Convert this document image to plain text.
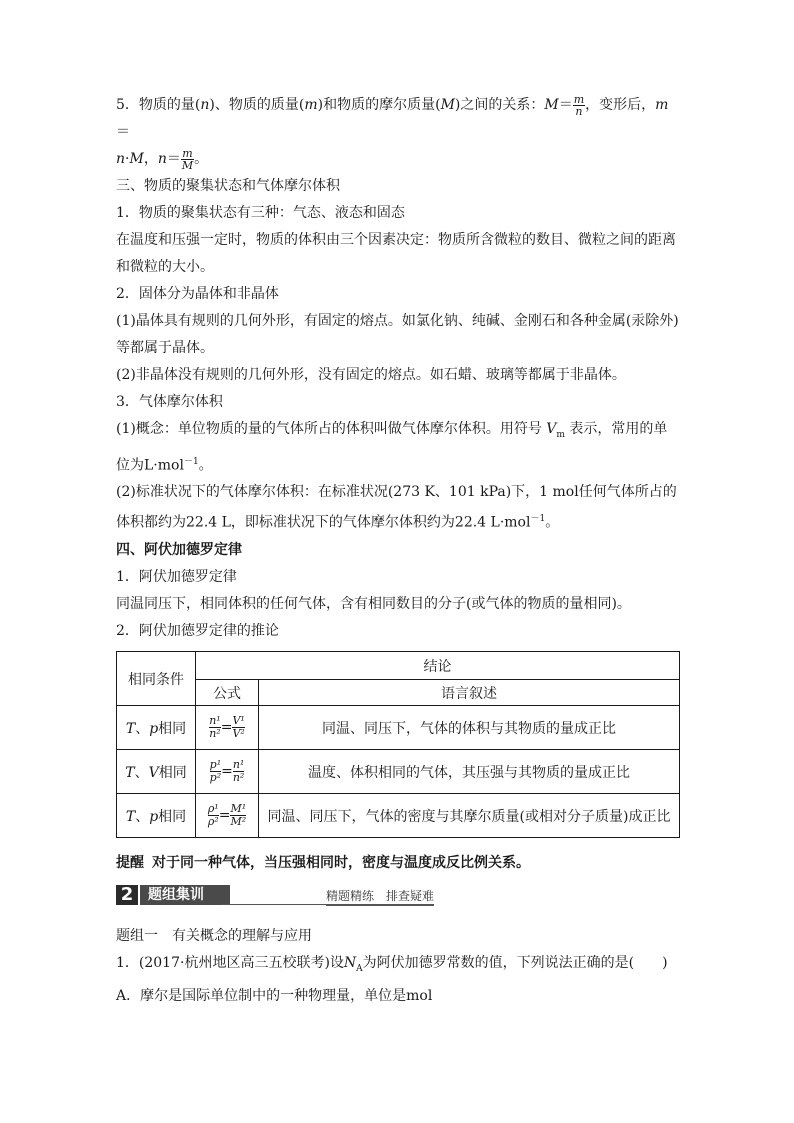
5．物质的量(n)、物质的质量(m)和物质的摩尔质量(M)之间的关系：$M= \frac{m}{n}$ ，变形后，m＝

n·M，$n= \frac{m}{M}$ 。

三、物质的聚集状态和气体摩尔体积

1．物质的聚集状态有三种：气态、液态和固态

在温度和压强一定时，物质的体积由三个因素决定：物质所含微粒的数目、微粒之间的距离和微粒的大小。

2．固体分为晶体和非晶体

(1)晶体具有规则的几何外形，有固定的熔点。如氯化钠、纯碱、金刚石和各种金属(汞除外)等都属于晶体。

(2)非晶体没有规则的几何外形，没有固定的熔点。如石蜡、玻璃等都属于非晶体。

3．气体摩尔体积

(1)概念：单位物质的量的气体所占的体积叫做气体摩尔体积。用符号 $V_m$ 表示，常用的单位为L·mol$^{-1}$。

(2)标准状况下的气体摩尔体积：在标准状况(273 K、101 kPa)下，1 mol任何气体所占的体积都约为22.4 L，即标准状况下的气体摩尔体积约为22.4 L·mol$^{-1}$。

四、阿伏加德罗定律

1．阿伏加德罗定律

同温同压下，相同体积的任何气体，含有相同数目的分子(或气体的物质的量相同)。

2．阿伏加德罗定律的推论

相同条件	结论	
	公式	语言叙述
T、p相同	$\frac{\text{n¹}}{\text{n²}} = \frac{\text{V¹}}{\text{V²}}$	同温、同压下，气体的体积与其物质的量成正比
T、V相同	$\frac{\text{p¹}}{\text{p²}} = \frac{\text{n¹}}{\text{n²}}$	温度、体积相同的气体，其压强与其物质的量成正比
T、p相同	$\frac{\text{ρ¹}}{\text{ρ²}} = \frac{\text{M¹}}{\text{M²}}$	同温、同压下，气体的密度与其摩尔质量(或相对分子质量)成正比

提醒 对于同一种气体，当压强相同时，密度与温度成反比例关系。

2	题组集训	精题精练　排查疑难

题组一　有关概念的理解与应用

1．(2017·杭州地区高三五校联考)设$N_A$为阿伏加德罗常数的值，下列说法正确的是(　　)

A．摩尔是国际单位制中的一种物理量，单位是mol
